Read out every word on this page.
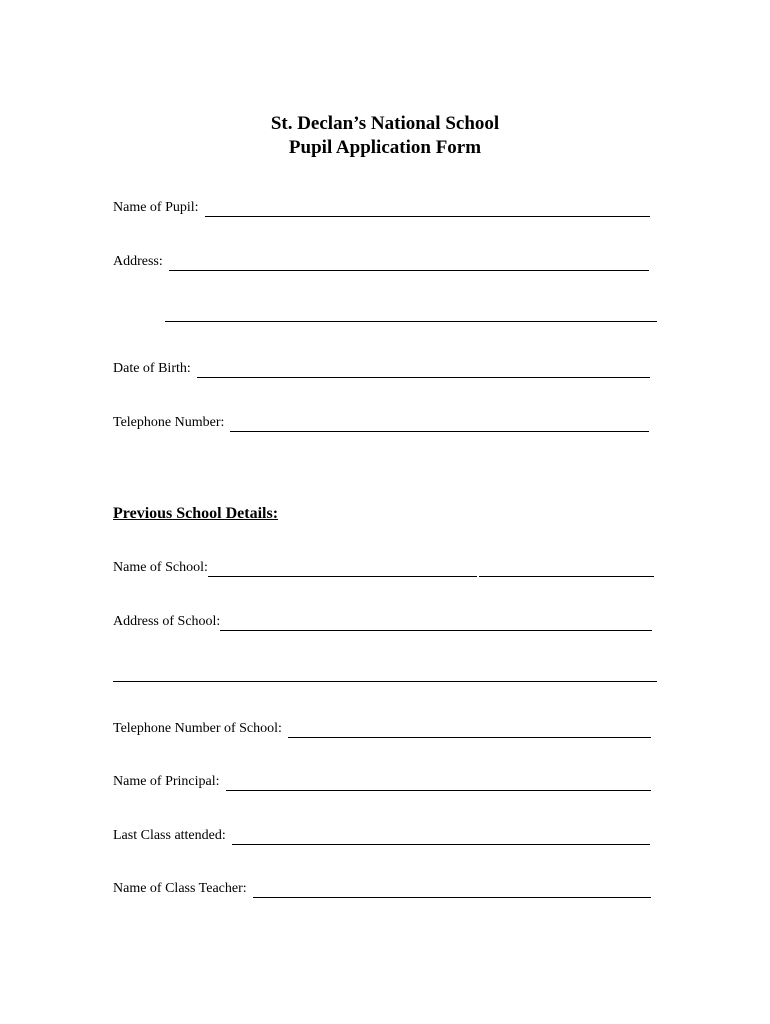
St. Declan’s National School
Pupil Application Form
Name of Pupil:
Address:
Date of Birth:
Telephone Number:
Previous School Details:
Name of School:
Address of School:
Telephone Number of School:
Name of Principal:
Last Class attended:
Name of Class Teacher:
